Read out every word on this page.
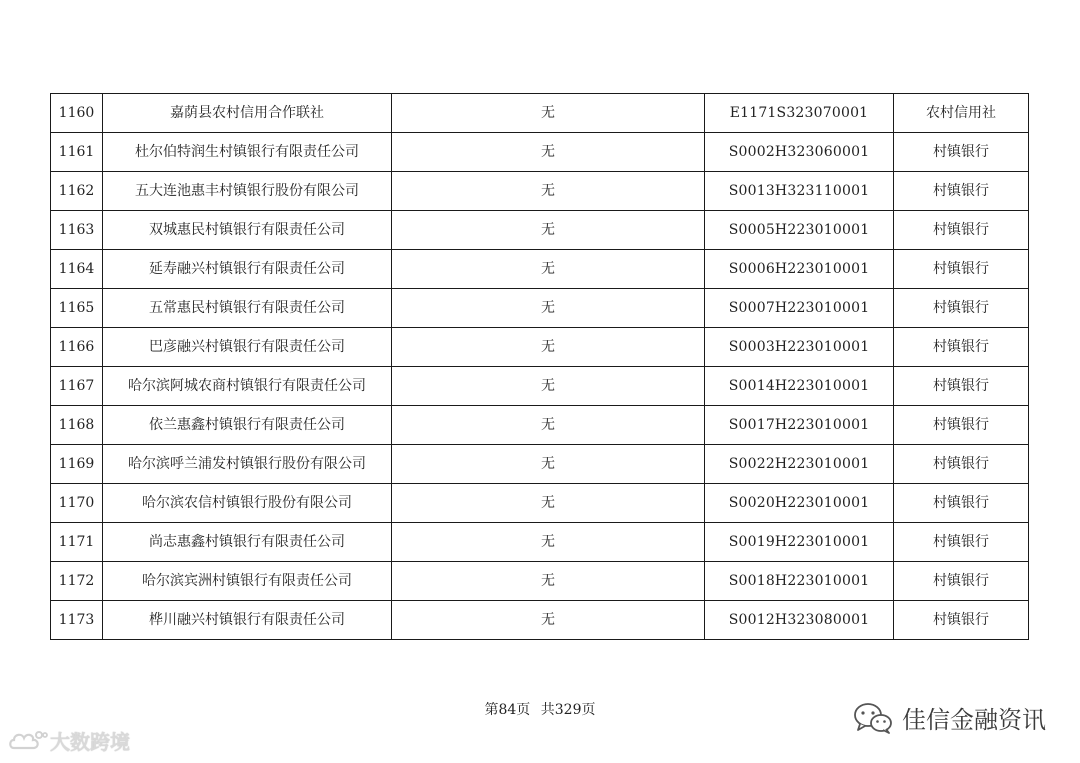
1160	嘉荫县农村信用合作联社	无	E1171S323070001	农村信用社
1161	杜尔伯特润生村镇银行有限责任公司	无	S0002H323060001	村镇银行
1162	五大连池惠丰村镇银行股份有限公司	无	S0013H323110001	村镇银行
1163	双城惠民村镇银行有限责任公司	无	S0005H223010001	村镇银行
1164	延寿融兴村镇银行有限责任公司	无	S0006H223010001	村镇银行
1165	五常惠民村镇银行有限责任公司	无	S0007H223010001	村镇银行
1166	巴彦融兴村镇银行有限责任公司	无	S0003H223010001	村镇银行
1167	哈尔滨阿城农商村镇银行有限责任公司	无	S0014H223010001	村镇银行
1168	依兰惠鑫村镇银行有限责任公司	无	S0017H223010001	村镇银行
1169	哈尔滨呼兰浦发村镇银行股份有限公司	无	S0022H223010001	村镇银行
1170	哈尔滨农信村镇银行股份有限公司	无	S0020H223010001	村镇银行
1171	尚志惠鑫村镇银行有限责任公司	无	S0019H223010001	村镇银行
1172	哈尔滨宾洲村镇银行有限责任公司	无	S0018H223010001	村镇银行
1173	桦川融兴村镇银行有限责任公司	无	S0012H323080001	村镇银行
第84页 共329页
大数跨境
佳信金融资讯
